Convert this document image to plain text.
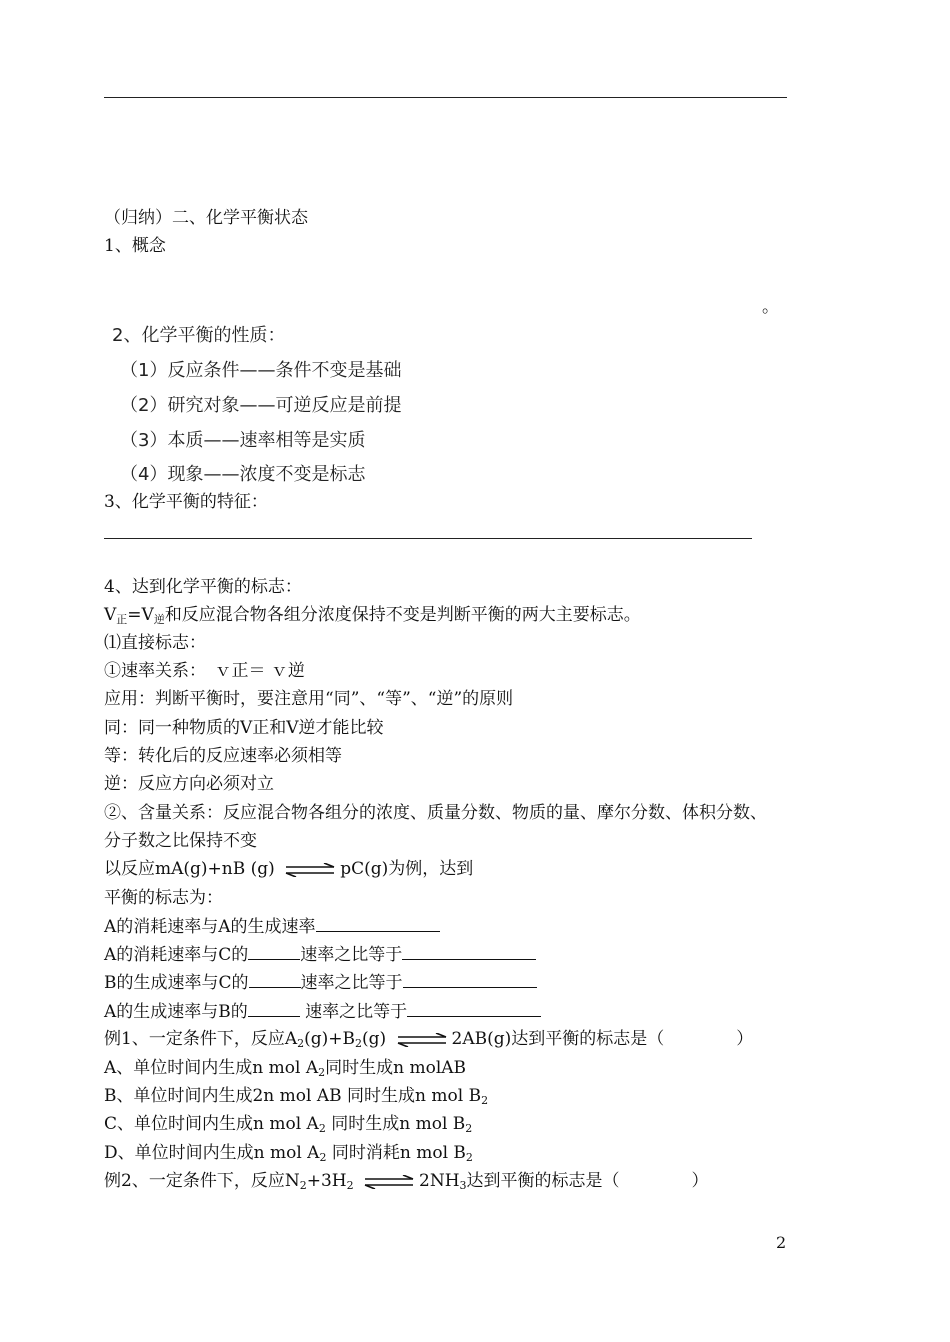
（归纳）二、化学平衡状态
1、概念
。
2、化学平衡的性质：
（1）反应条件——条件不变是基础
（2）研究对象——可逆反应是前提
（3）本质——速率相等是实质
（4）现象——浓度不变是标志
3、化学平衡的特征：
4、达到化学平衡的标志：
$V_正=V_逆$和反应混合物各组分浓度保持不变是判断平衡的两大主要标志。
⑴直接标志：
①速率关系：　ｖ正＝ ｖ逆
应用：判断平衡时，要注意用“同”、“等”、“逆”的原则
同：同一种物质的V正和V逆才能比较
等：转化后的反应速率必须相等
逆：反应方向必须对立
②、含量关系：反应混合物各组分的浓度、质量分数、物质的量、摩尔分数、体积分数、
分子数之比保持不变
以反应mA(g)+nB (g) ⇌ pC(g)为例，达到
平衡的标志为：
A的消耗速率与A的生成速率
A的消耗速率与C的	速率之比等于
B的生成速率与C的	速率之比等于
A的生成速率与B的	速率之比等于
例1、一定条件下，反应$A_2(g)+B_2(g)$ ⇌ 2AB(g)达到平衡的标志是（	）
A、单位时间内生成n mol $A_2$同时生成n molAB
B、单位时间内生成2n mol AB 同时生成n mol $B_2$
C、单位时间内生成n mol $A_2$ 同时生成n mol $B_2$
D、单位时间内生成n mol $A_2$ 同时消耗n mol $B_2$
例2、一定条件下，反应$N_2+3H_2$ ⇌ $2NH_3$达到平衡的标志是（	）
2
